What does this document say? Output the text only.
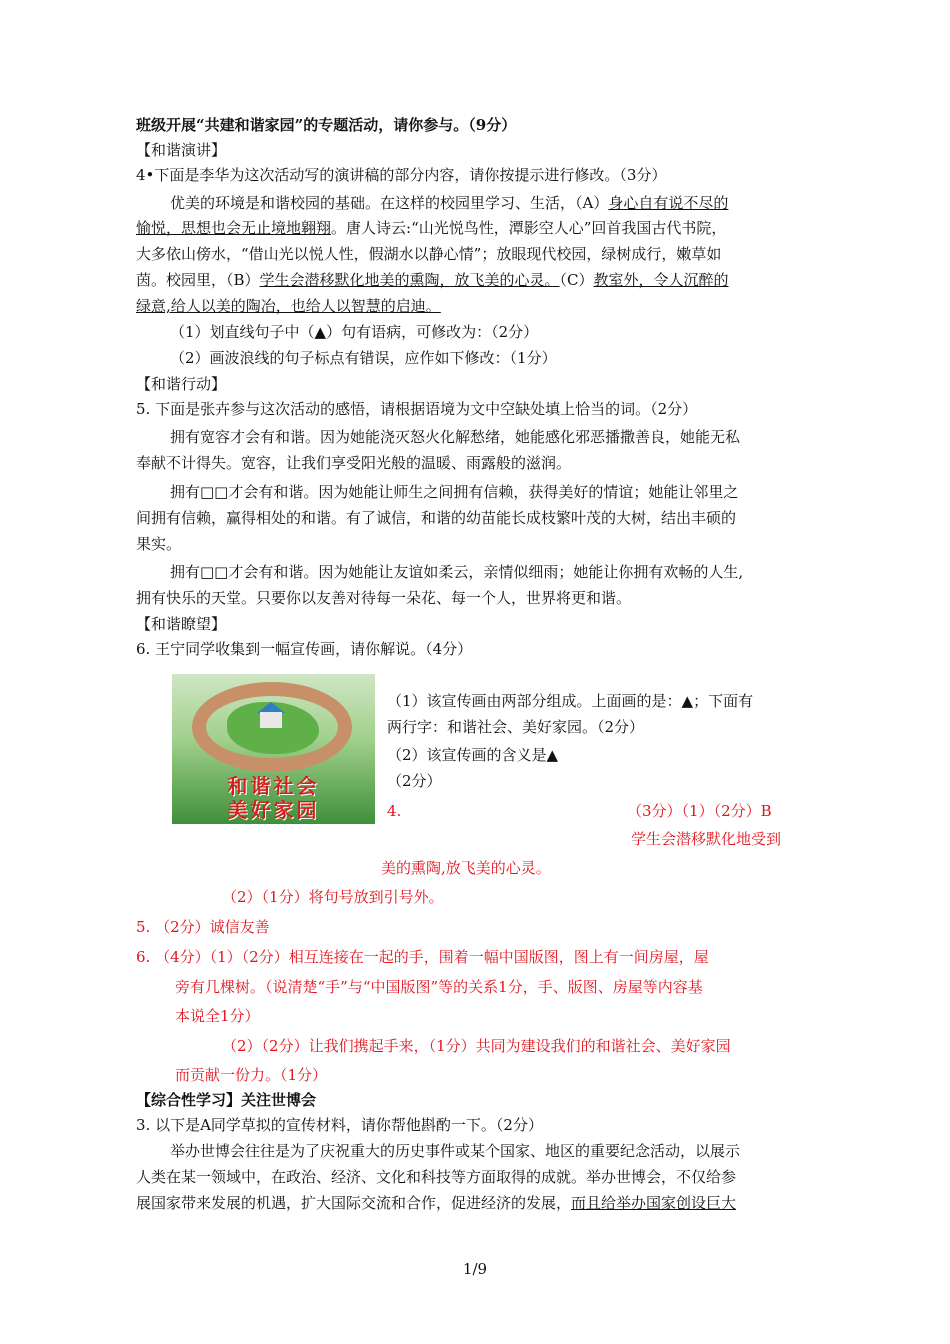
班级开展“共建和谐家园”的专题活动，请你参与。（9分）
【和谐演讲】
4•下面是李华为这次活动写的演讲稿的部分内容，请你按提示进行修改。（3分）
优美的环境是和谐校园的基础。在这样的校园里学习、生活，（A）身心自有说不尽的
愉悦，思想也会无止境地翱翔。唐人诗云:“山光悦鸟性，潭影空人心”回首我国古代书院，
大多依山傍水，“借山光以悦人性，假湖水以静心情”；放眼现代校园，绿树成行，嫩草如
茵。校园里，（B）学生会潜移默化地美的熏陶，放飞美的心灵。（C）教室外，令人沉醉的
绿意,给人以美的陶冶，也给人以智慧的启迪。
（1）划直线句子中（▲）句有语病，可修改为：（2分）
（2）画波浪线的句子标点有错误，应作如下修改：（1分）
【和谐行动】
5. 下面是张卉参与这次活动的感悟，请根据语境为文中空缺处填上恰当的词。（2分）
拥有宽容才会有和谐。因为她能浇灭怒火化解愁绪，她能感化邪恶播撒善良，她能无私
奉献不计得失。宽容，让我们享受阳光般的温暖、雨露般的滋润。
拥有□□才会有和谐。因为她能让师生之间拥有信赖，获得美好的情谊；她能让邻里之
间拥有信赖，赢得相处的和谐。有了诚信，和谐的幼苗能长成枝繁叶茂的大树，结出丰硕的
果实。
拥有□□才会有和谐。因为她能让友谊如柔云，亲情似细雨；她能让你拥有欢畅的人生,
拥有快乐的天堂。只要你以友善对待每一朵花、每一个人，世界将更和谐。
【和谐瞭望】
6. 王宁同学收集到一幅宣传画，请你解说。（4分）
和谐社会
美好家园
（1）该宣传画由两部分组成。上面画的是：▲；下面有
两行字：和谐社会、美好家园。（2分）
（2）该宣传画的含义是▲
（2分）
4.	（3分）（1）（2分）B
学生会潜移默化地受到
美的熏陶,放飞美的心灵。
（2）（1分）将句号放到引号外。
5. （2分）诚信友善
6. （4分）（1）（2分）相互连接在一起的手，围着一幅中国版图，图上有一间房屋，屋
旁有几棵树。（说清楚“手”与“中国版图”等的关系1分，手、版图、房屋等内容基
本说全1分）
（2）（2分）让我们携起手来，（1分）共同为建设我们的和谐社会、美好家园
而贡献一份力。（1分）
【综合性学习】关注世博会
3. 以下是A同学草拟的宣传材料，请你帮他斟酌一下。（2分）
举办世博会往往是为了庆祝重大的历史事件或某个国家、地区的重要纪念活动，以展示
人类在某一领域中，在政治、经济、文化和科技等方面取得的成就。举办世博会，不仅给参
展国家带来发展的机遇，扩大国际交流和合作，促进经济的发展，而且给举办国家创设巨大
1/9
